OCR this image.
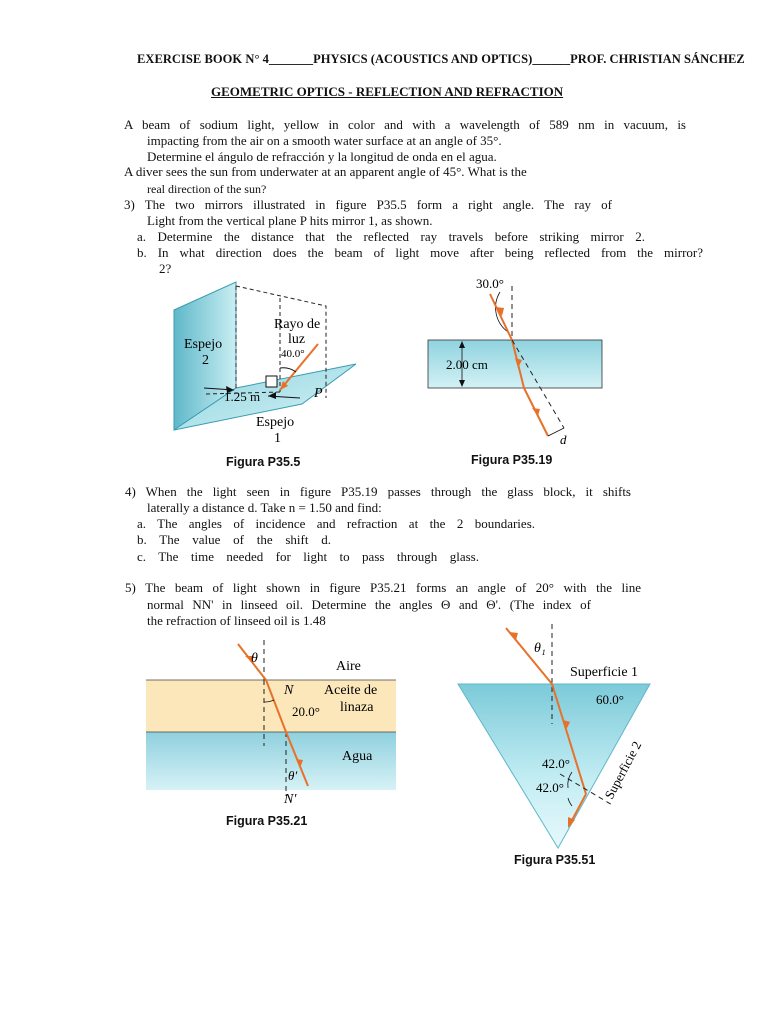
EXERCISE BOOK N° 4_______PHYSICS (ACOUSTICS AND OPTICS)______PROF. CHRISTIAN SÁNCHEZ
GEOMETRIC OPTICS - REFLECTION AND REFRACTION
A beam of sodium light, yellow in color and with a wavelength of 589 nm in vacuum, is
impacting from the air on a smooth water surface at an angle of 35°.
Determine el ángulo de refracción y la longitud de onda en el agua.
A diver sees the sun from underwater at an apparent angle of 45°. What is the
real direction of the sun?
3) The two mirrors illustrated in figure P35.5 form a right angle. The ray of
Light from the vertical plane P hits mirror 1, as shown.
a. Determine the distance that the reflected ray travels before striking mirror 2.
b. In what direction does the beam of light move after being reflected from the mirror?
2?
Espejo
2
Rayo de
luz
40.0°
P
1.25 m
Espejo
1
Figura P35.5
30.0°
2.00 cm
d
Figura P35.19
4) When the light seen in figure P35.19 passes through the glass block, it shifts
laterally a distance d. Take n = 1.50 and find:
a. The angles of incidence and refraction at the 2 boundaries.
b. The value of the shift d.
c. The time needed for light to pass through glass.
5) The beam of light shown in figure P35.21 forms an angle of 20° with the line
normal NN' in linseed oil. Determine the angles Θ and Θ'. (The index of
the refraction of linseed oil is 1.48
θ
Aire
N Aceite de
linaza
20.0°
Agua
θ′
N′
Figura P35.21
θ₁
Superficie 1
60.0°
42.0°
42.0°	Superficie 2
Figura P35.51
